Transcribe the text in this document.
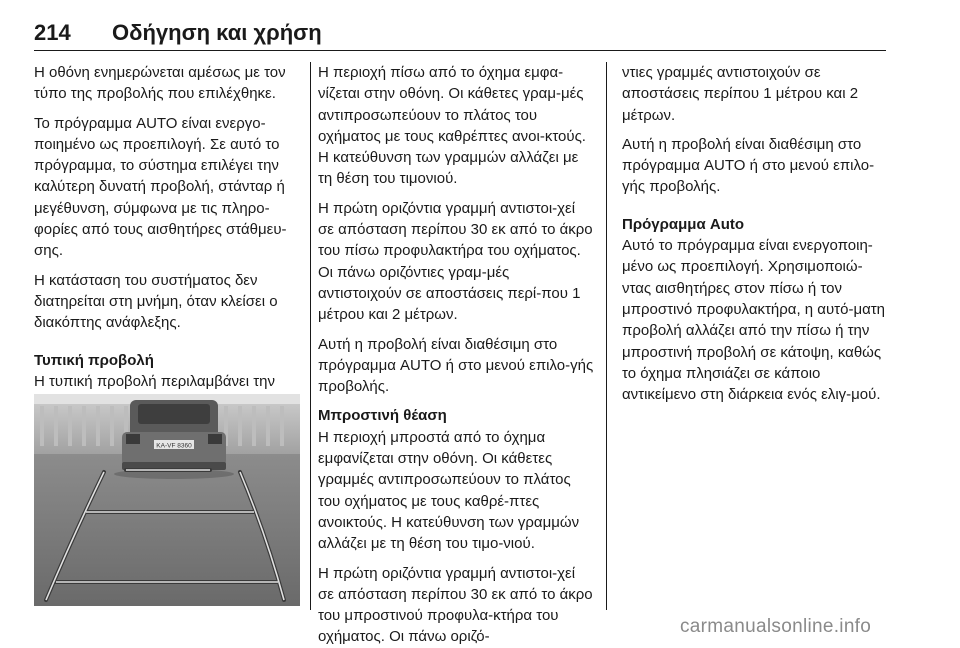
214 Οδήγηση και χρήση

Η οθόνη ενημερώνεται αμέσως με τον τύπο της προβολής που επιλέχθηκε.

Το πρόγραμμα AUTO είναι ενεργο-ποιημένο ως προεπιλογή. Σε αυτό το πρόγραμμα, το σύστημα επιλέγει την καλύτερη δυνατή προβολή, στάνταρ ή μεγέθυνση, σύμφωνα με τις πληρο-φορίες από τους αισθητήρες στάθμευ-σης.

Η κατάσταση του συστήματος δεν διατηρείται στη μνήμη, όταν κλείσει ο διακόπτης ανάφλεξης.

Τυπική προβολή

Η τυπική προβολή περιλαμβάνει την

KA-VF 8360

Η περιοχή πίσω από το όχημα εμφα-νίζεται στην οθόνη. Οι κάθετες γραμ-μές αντιπροσωπεύουν το πλάτος του οχήματος με τους καθρέπτες ανοι-κτούς. Η κατεύθυνση των γραμμών αλλάζει με τη θέση του τιμονιού.

Η πρώτη οριζόντια γραμμή αντιστοι-χεί σε απόσταση περίπου 30 εκ από το άκρο του πίσω προφυλακτήρα του οχήματος. Οι πάνω οριζόντιες γραμ-μές αντιστοιχούν σε αποστάσεις περί-που 1 μέτρου και 2 μέτρων.

Αυτή η προβολή είναι διαθέσιμη στο πρόγραμμα AUTO ή στο μενού επιλο-γής προβολής.

Μπροστινή θέαση

Η περιοχή μπροστά από το όχημα εμφανίζεται στην οθόνη. Οι κάθετες γραμμές αντιπροσωπεύουν το πλάτος του οχήματος με τους καθρέ-πτες ανοικτούς. Η κατεύθυνση των γραμμών αλλάζει με τη θέση του τιμο-νιού.

Η πρώτη οριζόντια γραμμή αντιστοι-χεί σε απόσταση περίπου 30 εκ από το άκρο του μπροστινού προφυλα-κτήρα του οχήματος. Οι πάνω οριζό-

ντιες γραμμές αντιστοιχούν σε αποστάσεις περίπου 1 μέτρου και 2 μέτρων.

Αυτή η προβολή είναι διαθέσιμη στο πρόγραμμα AUTO ή στο μενού επιλο-γής προβολής.

Πρόγραμμα Auto

Αυτό το πρόγραμμα είναι ενεργοποιη-μένο ως προεπιλογή. Χρησιμοποιώ-ντας αισθητήρες στον πίσω ή τον μπροστινό προφυλακτήρα, η αυτό-ματη προβολή αλλάζει από την πίσω ή την μπροστινή προβολή σε κάτοψη, καθώς το όχημα πλησιάζει σε κάποιο αντικείμενο στη διάρκεια ενός ελιγ-μού.

carmanualsonline.info
